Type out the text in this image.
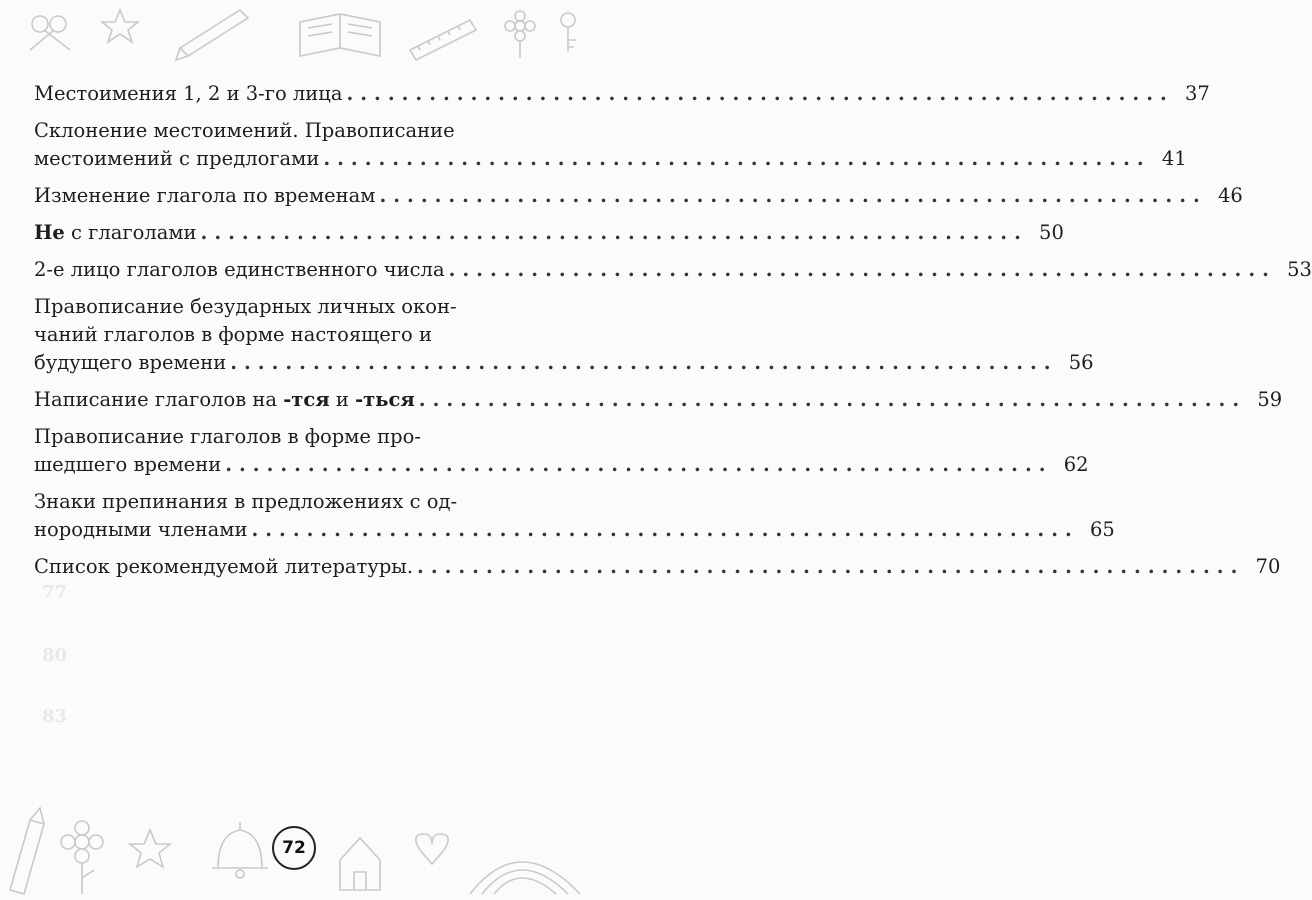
Местоимения 1, 2 и 3-го лица ............................................................ 37
Склонение местоимений. Правописание
местоимений с предлогами ............................................................ 41
Изменение глагола по временам ............................................................ 46
Не с глаголами ............................................................ 50
2-е лицо глаголов единственного числа ............................................................ 53
Правописание безударных личных окон-
чаний глаголов в форме настоящего и
будущего времени ............................................................ 56
Написание глаголов на -тся и -ться ............................................................ 59
Правописание глаголов в форме про-
шедшего времени ............................................................ 62
Знаки препинания в предложениях с од-
нородными членами ............................................................ 65
Список рекомендуемой литературы. ............................................................ 70
77
80
83
72
